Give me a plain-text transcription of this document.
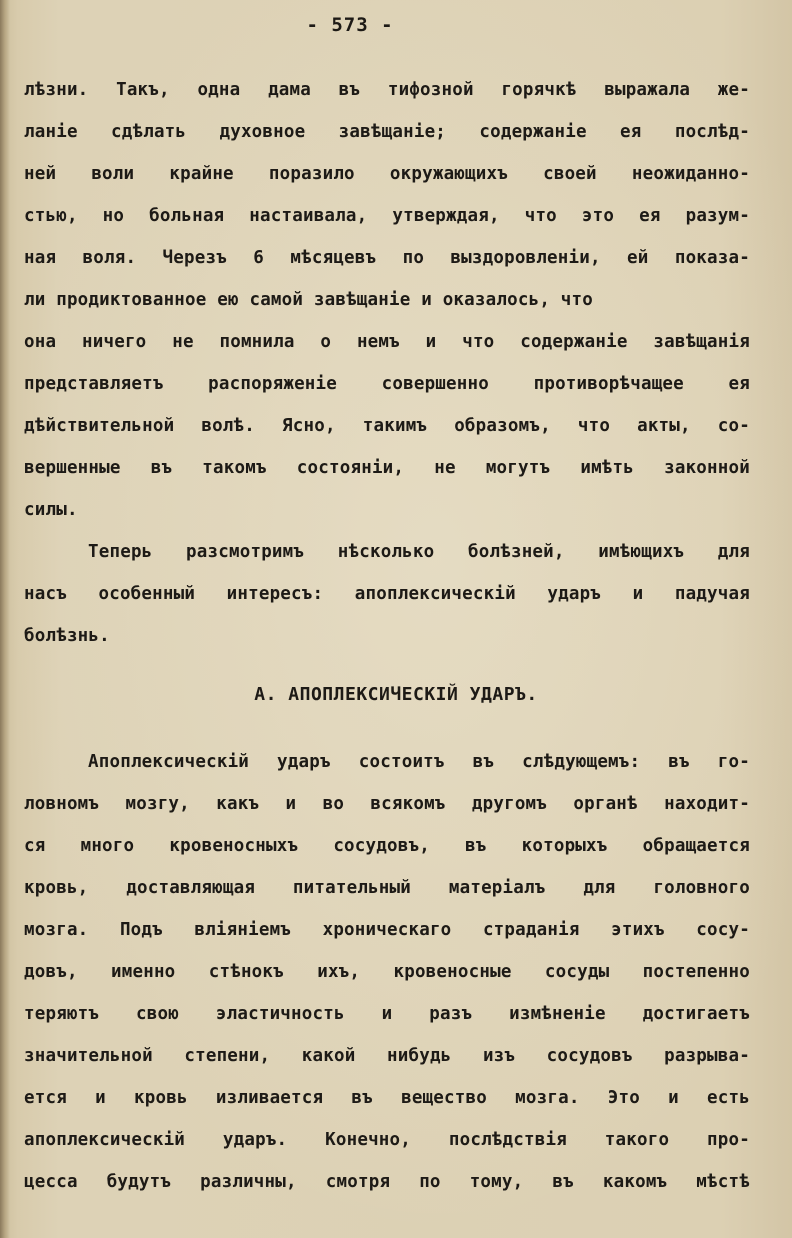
- 573 -
лѣзни. Такъ, одна дама въ тифозной горячкѣ выражала же-
ланіе сдѣлать духовное завѣщаніе; содержаніе ея послѣд-
ней воли крайне поразило окружающихъ своей неожиданно-
стью, но больная настаивала, утверждая, что это ея разум-
ная воля. Черезъ 6 мѣсяцевъ по выздоровленіи, ей показа-
ли продиктованное ею самой завѣщаніе и оказалось, что
она ничего не помнила о немъ и что содержаніе завѣщанія
представляетъ распоряженіе совершенно противорѣчащее ея
дѣйствительной волѣ. Ясно, такимъ образомъ, что акты, со-
вершенные въ такомъ состояніи, не могутъ имѣть законной
силы.
Теперь разсмотримъ нѣсколько болѣзней, имѣющихъ для
насъ особенный интересъ: апоплексическій ударъ и падучая
болѣзнь.
А. АПОПЛЕКСИЧЕСКІЙ УДАРЪ.
Апоплексическій ударъ состоитъ въ слѣдующемъ: въ го-
ловномъ мозгу, какъ и во всякомъ другомъ органѣ находит-
ся много кровеносныхъ сосудовъ, въ которыхъ обращается
кровь, доставляющая питательный матеріалъ для головного
мозга. Подъ вліяніемъ хроническаго страданія этихъ сосу-
довъ, именно стѣнокъ ихъ, кровеносные сосуды постепенно
теряютъ свою эластичность и разъ измѣненіе достигаетъ
значительной степени, какой нибудь изъ сосудовъ разрыва-
ется и кровь изливается въ вещество мозга. Это и есть
апоплексическій ударъ. Конечно, послѣдствія такого про-
цесса будутъ различны, смотря по тому, въ какомъ мѣстѣ
